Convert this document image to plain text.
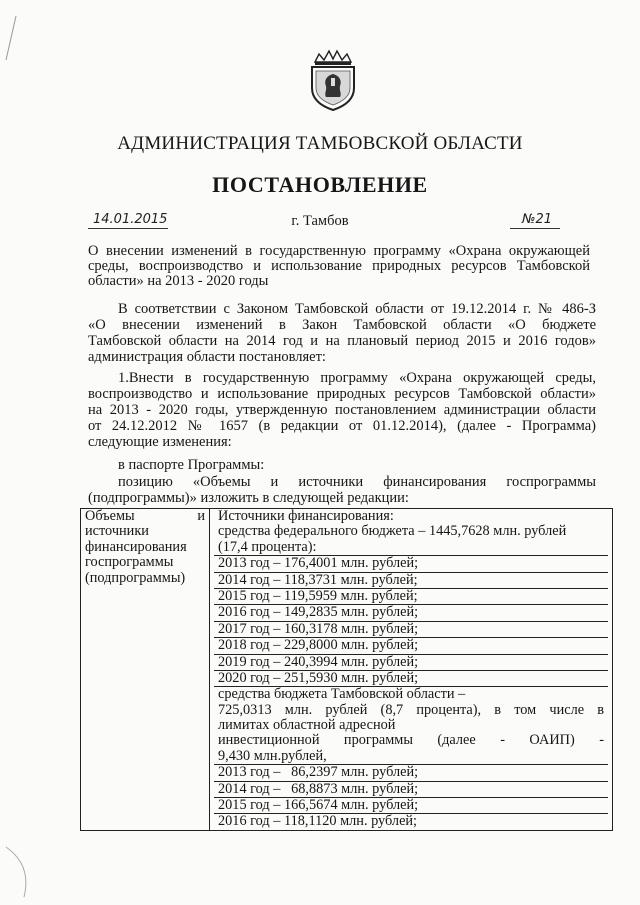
АДМИНИСТРАЦИЯ ТАМБОВСКОЙ ОБЛАСТИ
ПОСТАНОВЛЕНИЕ
14.01.2015	г. Тамбов	№21
О внесении изменений в государственную программу «Охрана окружающей
среды, воспроизводство и использование природных ресурсов Тамбовской
области» на 2013 - 2020 годы
В соответствии с Законом Тамбовской области от 19.12.2014 г. № 486-З
«О внесении изменений в Закон Тамбовской области «О бюджете
Тамбовской области на 2014 год и на плановый период 2015 и 2016 годов»
администрация области постановляет:
1.Внести в государственную программу «Охрана окружающей среды,
воспроизводство и использование природных ресурсов Тамбовской области»
на 2013 - 2020 годы, утвержденную постановлением администрации области
от 24.12.2012 № 1657 (в редакции от 01.12.2014), (далее - Программа)
следующие изменения:
в паспорте Программы:
позицию «Объемы и источники финансирования госпрограммы
(подпрограммы)» изложить в следующей редакции:
Объемы	и
источники
финансирования
госпрограммы
(подпрограммы)

Источники финансирования:
средства федерального бюджета – 1445,7628 млн. рублей
(17,4 процента):
2013 год – 176,4001 млн. рублей;
2014 год – 118,3731 млн. рублей;
2015 год – 119,5959 млн. рублей;
2016 год – 149,2835 млн. рублей;
2017 год – 160,3178 млн. рублей;
2018 год – 229,8000 млн. рублей;
2019 год – 240,3994 млн. рублей;
2020 год – 251,5930 млн. рублей;
средства бюджета Тамбовской области –
725,0313 млн. рублей (8,7 процента), в том числе в
лимитах областной адресной
инвестиционной программы (далее - ОАИП) -
9,430 млн.рублей,
2013 год –   86,2397 млн. рублей;
2014 год –   68,8873 млн. рублей;
2015 год – 166,5674 млн. рублей;
2016 год – 118,1120 млн. рублей;
